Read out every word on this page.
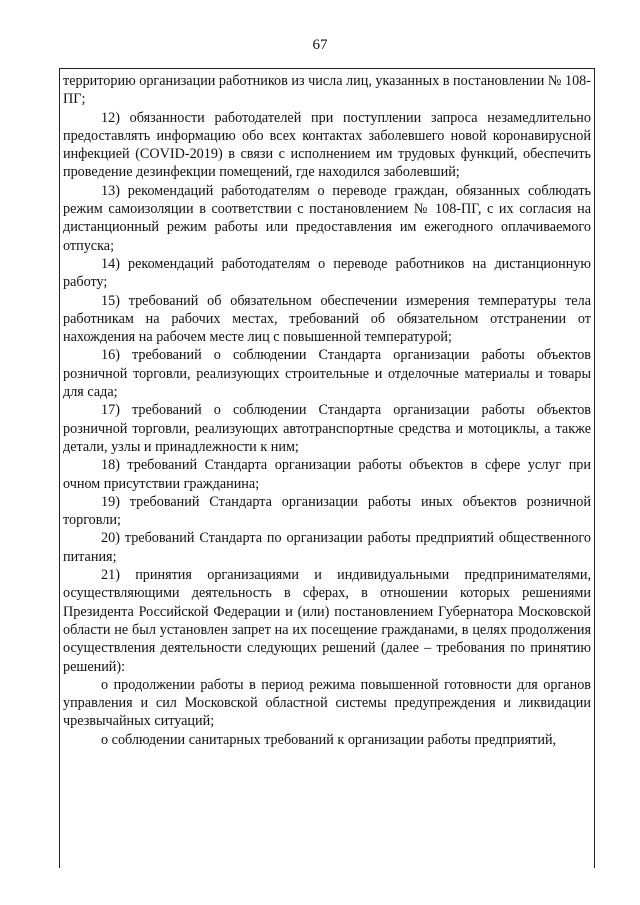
67

территорию организации работников из числа лиц, указанных в постановлении № 108-ПГ;

12) обязанности работодателей при поступлении запроса незамедлительно предоставлять информацию обо всех контактах заболевшего новой коронавирусной инфекцией (COVID-2019) в связи с исполнением им трудовых функций, обеспечить проведение дезинфекции помещений, где находился заболевший;

13) рекомендаций работодателям о переводе граждан, обязанных соблюдать режим самоизоляции в соответствии с постановлением № 108-ПГ, с их согласия на дистанционный режим работы или предоставления им ежегодного оплачиваемого отпуска;

14) рекомендаций работодателям о переводе работников на дистанционную работу;

15) требований об обязательном обеспечении измерения температуры тела работникам на рабочих местах, требований об обязательном отстранении от нахождения на рабочем месте лиц с повышенной температурой;

16) требований о соблюдении Стандарта организации работы объектов розничной торговли, реализующих строительные и отделочные материалы и товары для сада;

17) требований о соблюдении Стандарта организации работы объектов розничной торговли, реализующих автотранспортные средства и мотоциклы, а также детали, узлы и принадлежности к ним;

18) требований Стандарта организации работы объектов в сфере услуг при очном присутствии гражданина;

19) требований Стандарта организации работы иных объектов розничной торговли;

20) требований Стандарта по организации работы предприятий общественного питания;

21) принятия организациями и индивидуальными предпринимателями, осуществляющими деятельность в сферах, в отношении которых решениями Президента Российской Федерации и (или) постановлением Губернатора Московской области не был установлен запрет на их посещение гражданами, в целях продолжения осуществления деятельности следующих решений (далее – требования по принятию решений):

о продолжении работы в период режима повышенной готовности для органов управления и сил Московской областной системы предупреждения и ликвидации чрезвычайных ситуаций;

о соблюдении санитарных требований к организации работы предприятий,
